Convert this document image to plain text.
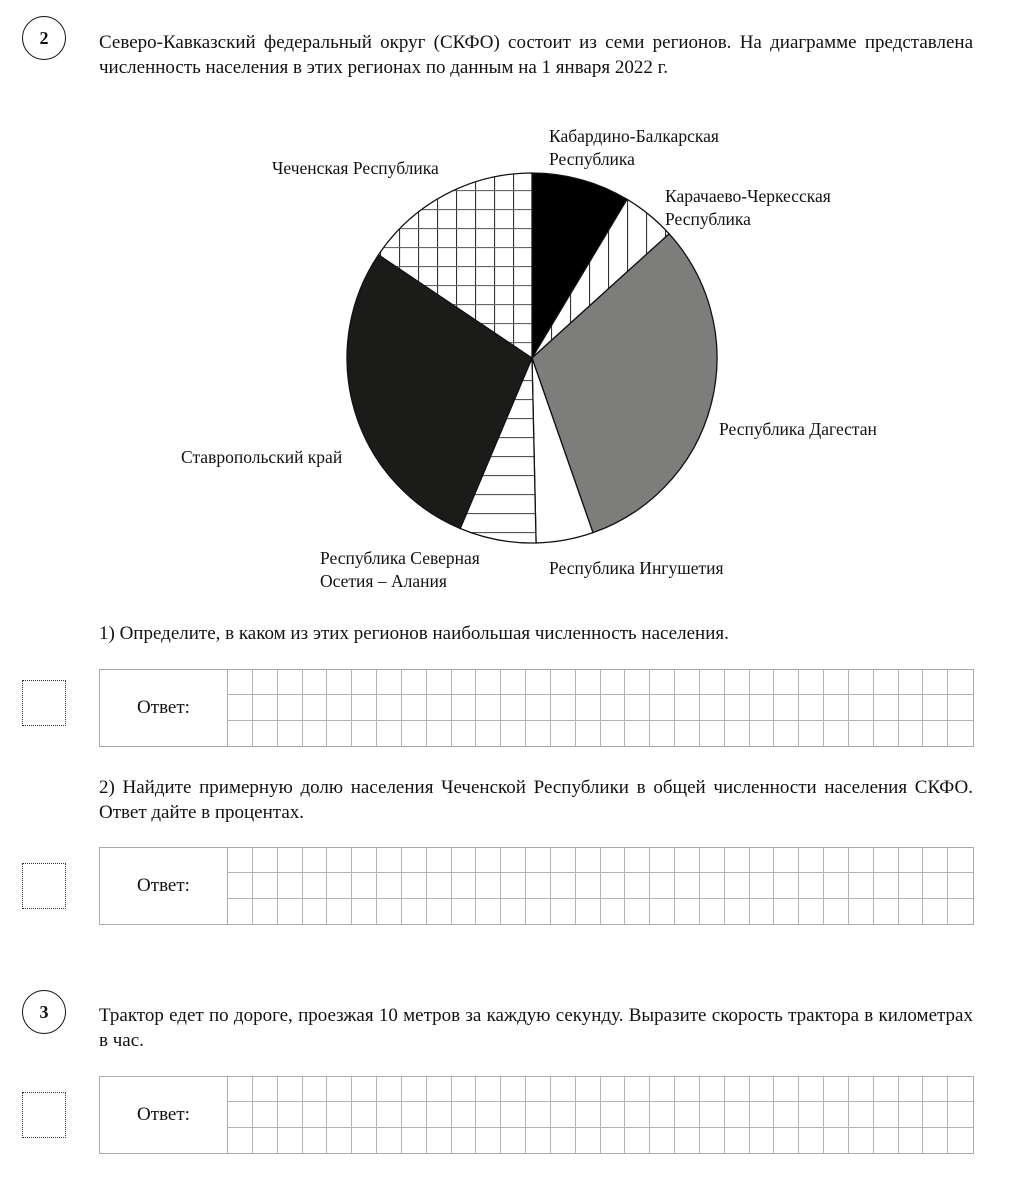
2	Северо-Кавказский федеральный округ (СКФО) состоит из семи регионов. На диаграмме представлена численность населения в этих регионах по данным на 1 января 2022 г.
Кабардино-Балкарская
Республика
Карачаево-Черкесская
Республика
Республика Дагестан
Республика Ингушетия
Республика Северная
Осетия – Алания
Ставропольский край
Чеченская Республика
1) Определите, в каком из этих регионов наибольшая численность населения.
Ответ:
2) Найдите примерную долю населения Чеченской Республики в общей численности населения СКФО. Ответ дайте в процентах.
Ответ:
3	Трактор едет по дороге, проезжая 10 метров за каждую секунду. Выразите скорость трактора в километрах в час.
Ответ:
